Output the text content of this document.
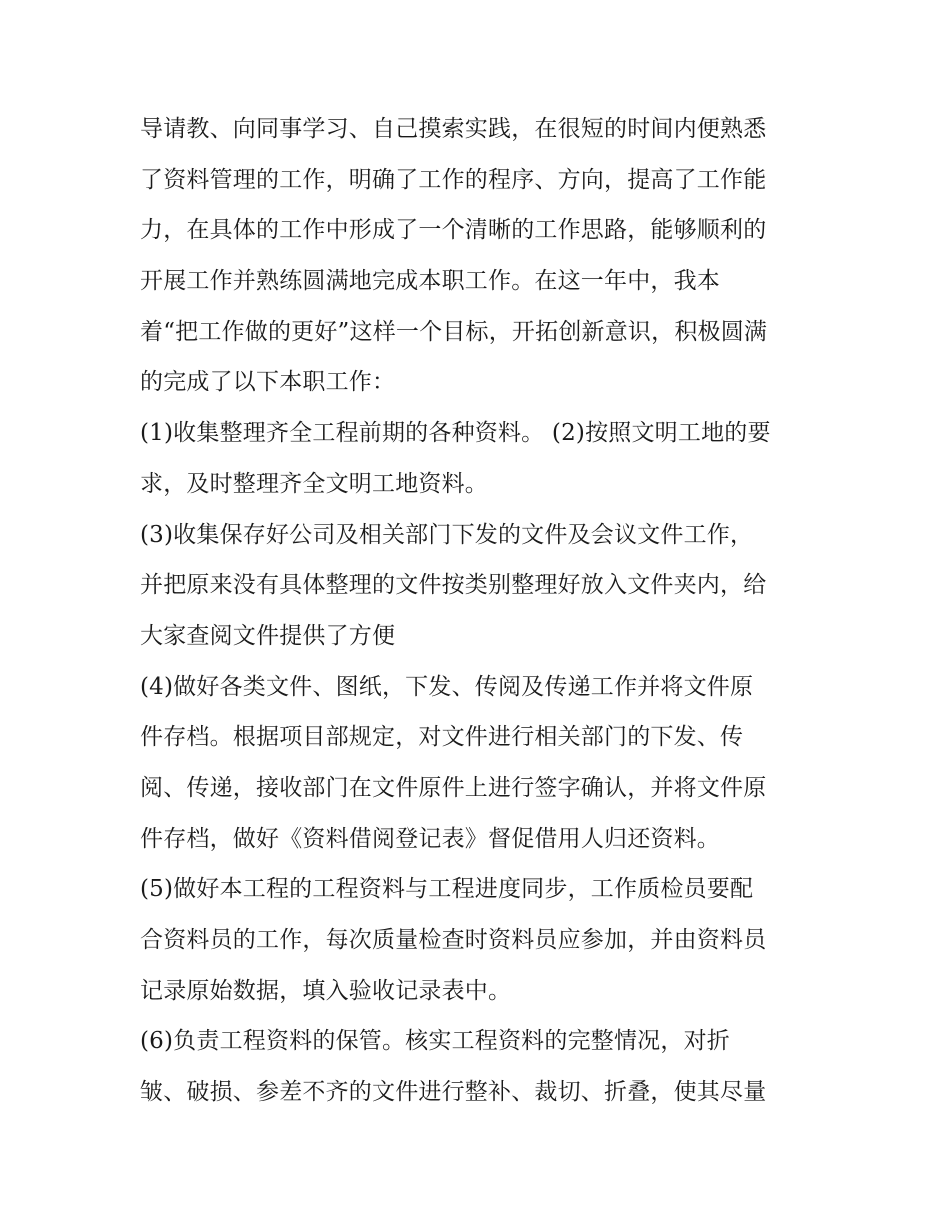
导请教、向同事学习、自己摸索实践，在很短的时间内便熟悉
了资料管理的工作，明确了工作的程序、方向，提高了工作能
力，在具体的工作中形成了一个清晰的工作思路，能够顺利的
开展工作并熟练圆满地完成本职工作。在这一年中，我本
着“把工作做的更好”这样一个目标，开拓创新意识，积极圆满
的完成了以下本职工作：
(1)收集整理齐全工程前期的各种资料。 (2)按照文明工地的要
求，及时整理齐全文明工地资料。
(3)收集保存好公司及相关部门下发的文件及会议文件工作，
并把原来没有具体整理的文件按类别整理好放入文件夹内，给
大家查阅文件提供了方便
(4)做好各类文件、图纸，下发、传阅及传递工作并将文件原
件存档。根据项目部规定，对文件进行相关部门的下发、传
阅、传递，接收部门在文件原件上进行签字确认，并将文件原
件存档，做好《资料借阅登记表》督促借用人归还资料。
(5)做好本工程的工程资料与工程进度同步，工作质检员要配
合资料员的工作，每次质量检查时资料员应参加，并由资料员
记录原始数据，填入验收记录表中。
(6)负责工程资料的保管。核实工程资料的完整情况，对折
皱、破损、参差不齐的文件进行整补、裁切、折叠，使其尽量
